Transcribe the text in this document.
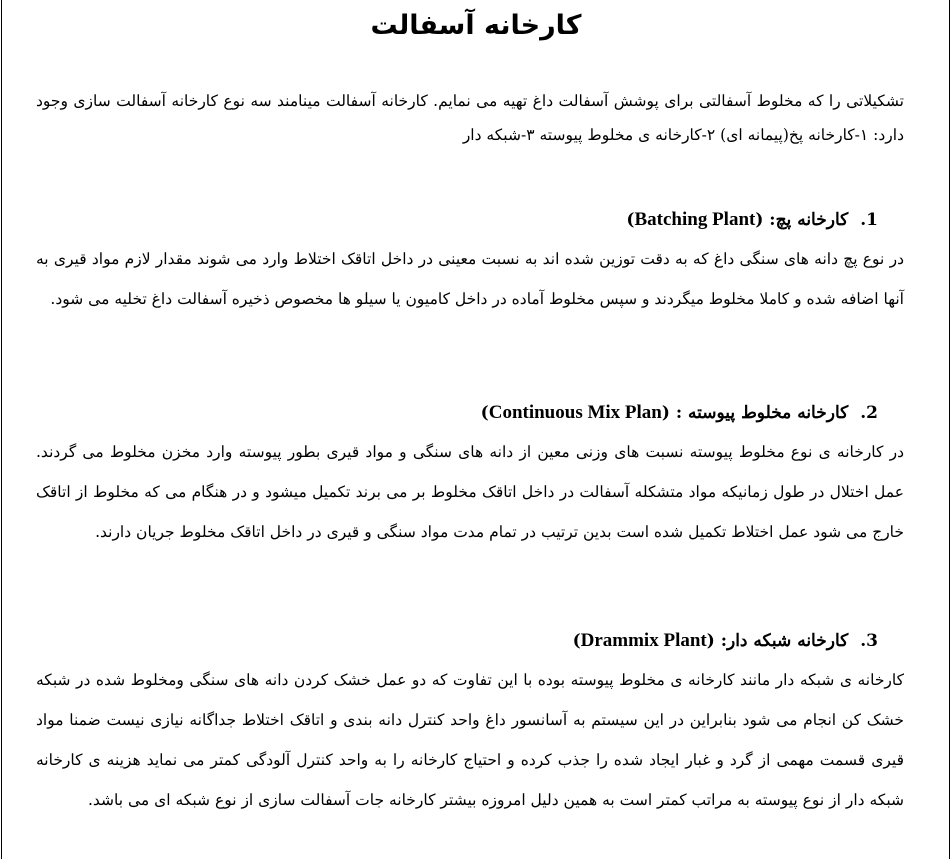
کارخانه آسفالت
تشکیلاتی را که مخلوط آسفالتی برای پوشش آسفالت داغ تهیه می نمایم. کارخانه آسفالت مینامند سه نوع کارخانه آسفالت سازی وجود دارد: ۱-کارخانه پخ(پیمانه ای) ۲-کارخانه ی مخلوط پیوسته ۳-شبکه دار
1.کارخانه پچ: (Batching Plant)
در نوع پچ دانه های سنگی داغ که به دقت توزین شده اند به نسبت معینی در داخل اتاقک اختلاط وارد می شوند مقدار لازم مواد قیری به آنها اضافه شده و کاملا مخلوط میگردند و سپس مخلوط آماده در داخل کامیون یا سیلو ها مخصوص ذخیره آسفالت داغ تخلیه می شود.
2.کارخانه مخلوط پیوسته : (Continuous Mix Plan)
در کارخانه ی نوع مخلوط پیوسته نسبت های وزنی معین از دانه های سنگی و مواد قیری بطور پیوسته وارد مخزن مخلوط می گردند. عمل اختلال در طول زمانیکه مواد متشکله آسفالت در داخل اتاقک مخلوط بر می برند تکمیل میشود و در هنگام می که مخلوط از اتاقک خارج می شود عمل اختلاط تکمیل شده است بدین ترتیب در تمام مدت مواد سنگی و قیری در داخل اتاقک مخلوط جریان دارند.
3.کارخانه شبکه دار: (Drammix Plant)
کارخانه ی شبکه دار مانند کارخانه ی مخلوط پیوسته بوده با این تفاوت که دو عمل خشک کردن دانه های سنگی ومخلوط شده در شبکه خشک کن انجام می شود بنابراین در این سیستم به آسانسور داغ واحد کنترل دانه بندی و اتاقک اختلاط جداگانه نیازی نیست ضمنا مواد قیری قسمت مهمی از گرد و غبار ایجاد شده را جذب کرده و احتیاج کارخانه را به واحد کنترل آلودگی کمتر می نماید هزینه ی کارخانه شبکه دار از نوع پیوسته به مراتب کمتر است به همین دلیل امروزه بیشتر کارخانه جات آسفالت سازی از نوع شبکه ای می باشد.
